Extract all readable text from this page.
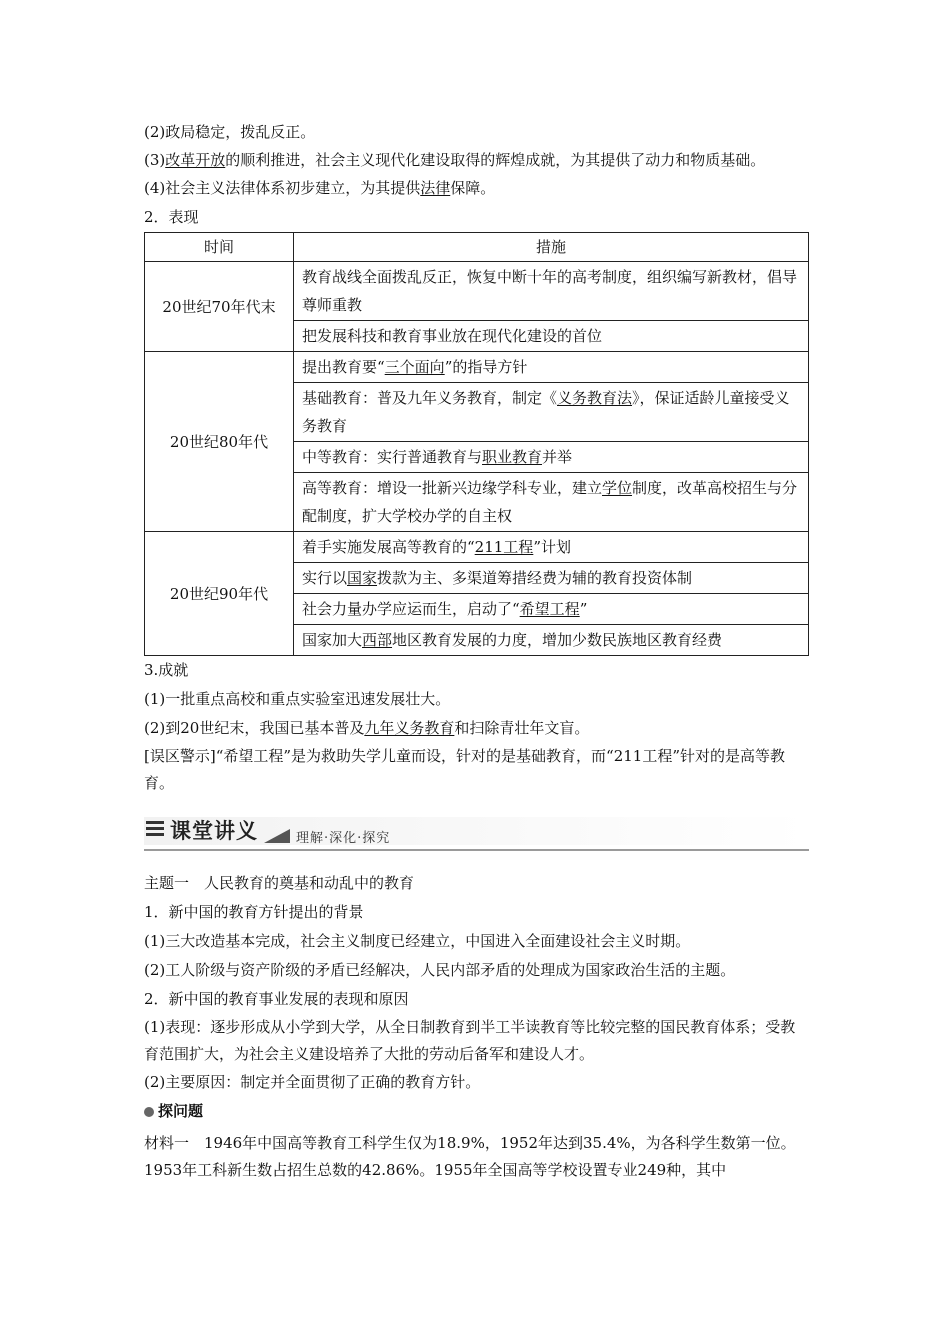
(2)政局稳定，拨乱反正。

(3)改革开放的顺利推进，社会主义现代化建设取得的辉煌成就，为其提供了动力和物质基础。

(4)社会主义法律体系初步建立，为其提供法律保障。

2．表现

时间	措施
20世纪70年代末	教育战线全面拨乱反正，恢复中断十年的高考制度，组织编写新教材，倡导尊师重教
	把发展科技和教育事业放在现代化建设的首位
20世纪80年代	提出教育要“三个面向”的指导方针
	基础教育：普及九年义务教育，制定《义务教育法》，保证适龄儿童接受义务教育
	中等教育：实行普通教育与职业教育并举
	高等教育：增设一批新兴边缘学科专业，建立学位制度，改革高校招生与分配制度，扩大学校办学的自主权
20世纪90年代	着手实施发展高等教育的“211工程”计划
	实行以国家拨款为主、多渠道筹措经费为辅的教育投资体制
	社会力量办学应运而生，启动了“希望工程”
	国家加大西部地区教育发展的力度，增加少数民族地区教育经费

3.成就

(1)一批重点高校和重点实验室迅速发展壮大。

(2)到20世纪末，我国已基本普及九年义务教育和扫除青壮年文盲。

[误区警示]“希望工程”是为救助失学儿童而设，针对的是基础教育，而“211工程”针对的是高等教育。

课堂讲义	理解·深化·探究

主题一　人民教育的奠基和动乱中的教育

1．新中国的教育方针提出的背景

(1)三大改造基本完成，社会主义制度已经建立，中国进入全面建设社会主义时期。

(2)工人阶级与资产阶级的矛盾已经解决，人民内部矛盾的处理成为国家政治生活的主题。

2．新中国的教育事业发展的表现和原因

(1)表现：逐步形成从小学到大学，从全日制教育到半工半读教育等比较完整的国民教育体系；受教育范围扩大，为社会主义建设培养了大批的劳动后备军和建设人才。

(2)主要原因：制定并全面贯彻了正确的教育方针。

探问题

材料一　1946年中国高等教育工科学生仅为18.9%，1952年达到35.4%，为各科学生数第一位。1953年工科新生数占招生总数的42.86%。1955年全国高等学校设置专业249种，其中
